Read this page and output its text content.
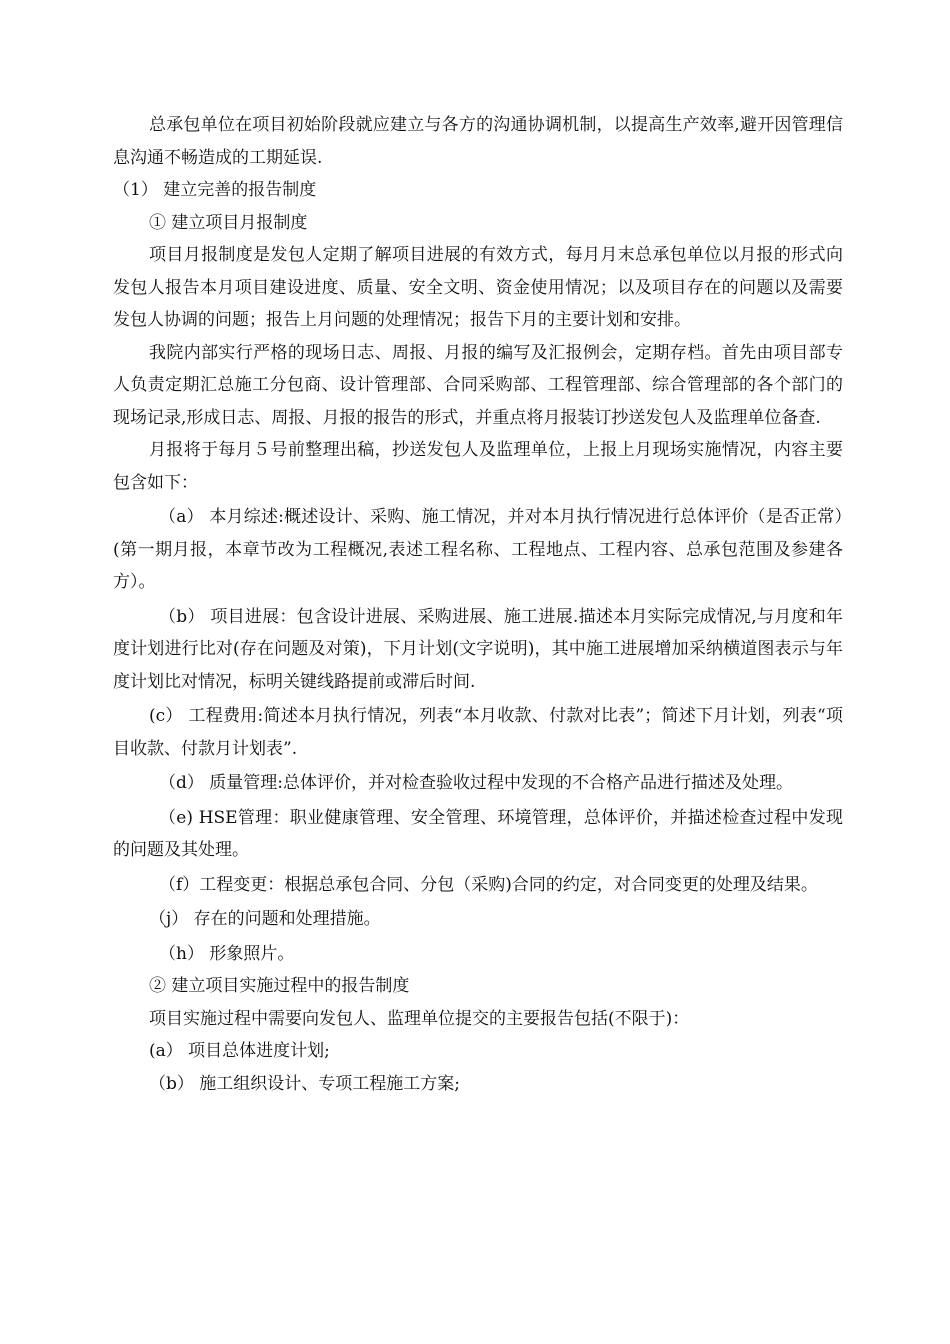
总承包单位在项目初始阶段就应建立与各方的沟通协调机制，以提高生产效率,避开因管理信息沟通不畅造成的工期延误.

（1） 建立完善的报告制度

① 建立项目月报制度

项目月报制度是发包人定期了解项目进展的有效方式，每月月末总承包单位以月报的形式向发包人报告本月项目建设进度、质量、安全文明、资金使用情况；以及项目存在的问题以及需要发包人协调的问题；报告上月问题的处理情况；报告下月的主要计划和安排。

我院内部实行严格的现场日志、周报、月报的编写及汇报例会，定期存档。首先由项目部专人负责定期汇总施工分包商、设计管理部、合同采购部、工程管理部、综合管理部的各个部门的现场记录,形成日志、周报、月报的报告的形式，并重点将月报装订抄送发包人及监理单位备查.

月报将于每月５号前整理出稿，抄送发包人及监理单位，上报上月现场实施情况，内容主要包含如下：

（a） 本月综述:概述设计、采购、施工情况，并对本月执行情况进行总体评价（是否正常）(第一期月报，本章节改为工程概况,表述工程名称、工程地点、工程内容、总承包范围及参建各方）。

（b） 项目进展：包含设计进展、采购进展、施工进展.描述本月实际完成情况,与月度和年度计划进行比对(存在问题及对策)，下月计划(文字说明)，其中施工进展增加采纳横道图表示与年度计划比对情况，标明关键线路提前或滞后时间.

(c） 工程费用:简述本月执行情况，列表“本月收款、付款对比表”；简述下月计划，列表“项目收款、付款月计划表”.

（d） 质量管理:总体评价，并对检查验收过程中发现的不合格产品进行描述及处理。

（e) HSE管理：职业健康管理、安全管理、环境管理，总体评价，并描述检查过程中发现的问题及其处理。

（f）工程变更：根据总承包合同、分包（采购)合同的约定，对合同变更的处理及结果。

（j） 存在的问题和处理措施。

（h） 形象照片。

② 建立项目实施过程中的报告制度

项目实施过程中需要向发包人、监理单位提交的主要报告包括(不限于)：

(a） 项目总体进度计划;

（b） 施工组织设计、专项工程施工方案;
